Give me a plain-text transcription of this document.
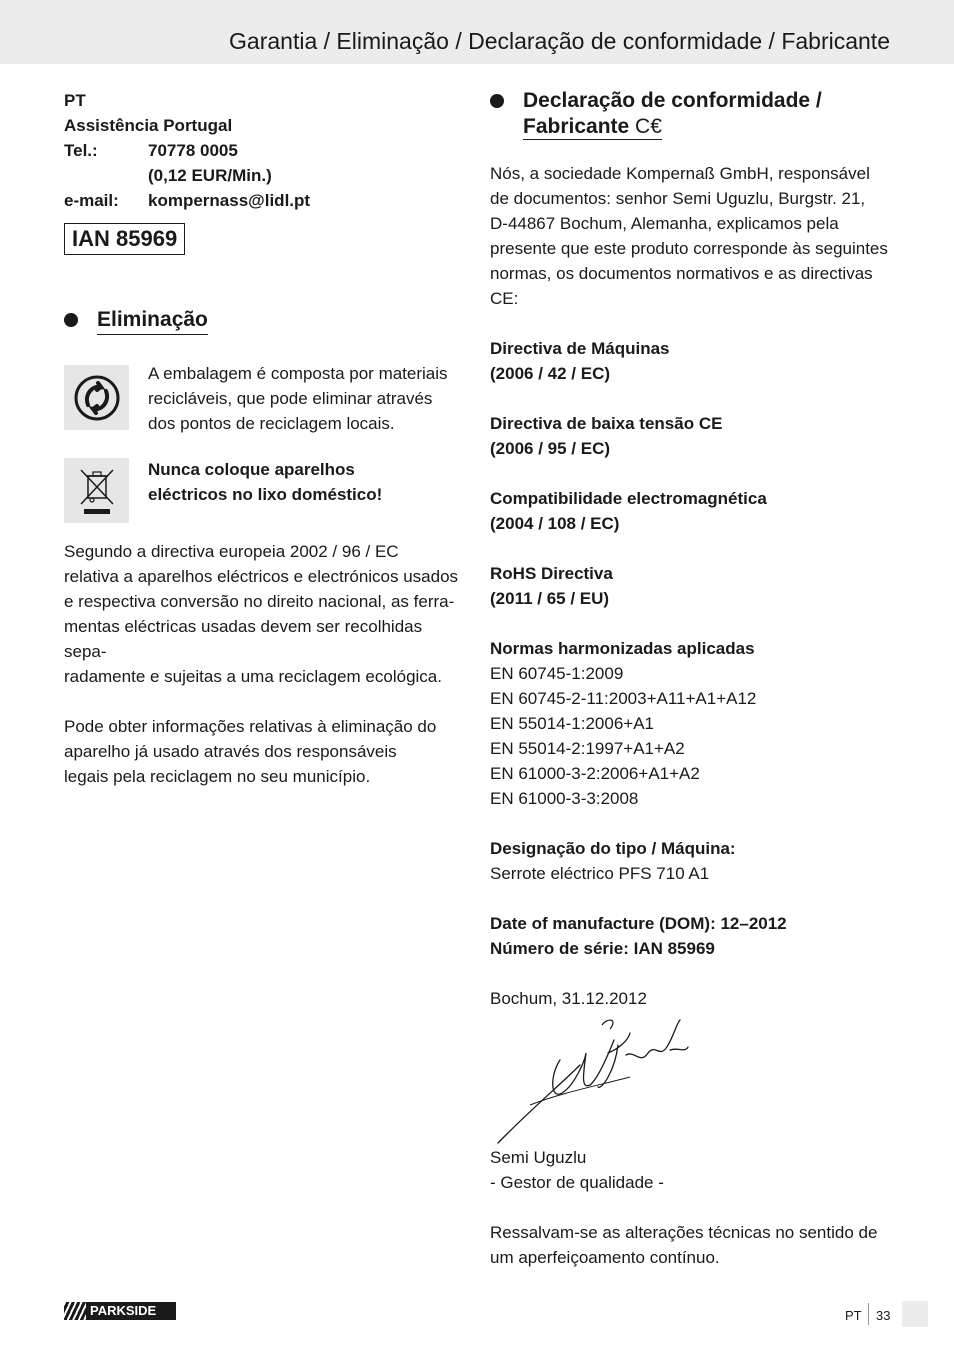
Garantia / Eliminação / Declaração de conformidade / Fabricante
PT
Assistência Portugal
Tel.:	70778 0005
(0,12 EUR/Min.)
e-mail:	kompernass@lidl.pt
IAN 85969
Eliminação
A embalagem é composta por materiais
recicláveis, que pode eliminar através
dos pontos de reciclagem locais.
Nunca coloque aparelhos
eléctricos no lixo doméstico!
Segundo a directiva europeia 2002 / 96 / EC
relativa a aparelhos eléctricos e electrónicos usados
e respectiva conversão no direito nacional, as ferra-
mentas eléctricas usadas devem ser recolhidas sepa-
radamente e sujeitas a uma reciclagem ecológica.
Pode obter informações relativas à eliminação do
aparelho já usado através dos responsáveis
legais pela reciclagem no seu município.
Declaração de conformidade /
Fabricante C€
Nós, a sociedade Kompernaß GmbH, responsável
de documentos: senhor Semi Uguzlu, Burgstr. 21,
D-44867 Bochum, Alemanha, explicamos pela
presente que este produto corresponde às seguintes
normas, os documentos normativos e as directivas CE:
Directiva de Máquinas
(2006 / 42 / EC)
Directiva de baixa tensão CE
(2006 / 95 / EC)
Compatibilidade electromagnética
(2004 / 108 / EC)
RoHS Directiva
(2011 / 65 / EU)
Normas harmonizadas aplicadas
EN 60745-1:2009
EN 60745-2-11:2003+A11+A1+A12
EN 55014-1:2006+A1
EN 55014-2:1997+A1+A2
EN 61000-3-2:2006+A1+A2
EN 61000-3-3:2008
Designação do tipo / Máquina:
Serrote eléctrico PFS 710 A1
Date of manufacture (DOM): 12–2012
Número de série: IAN 85969
Bochum, 31.12.2012
Semi Uguzlu
- Gestor de qualidade -
Ressalvam-se as alterações técnicas no sentido de
um aperfeiçoamento contínuo.
PARKSIDE	PT 33
